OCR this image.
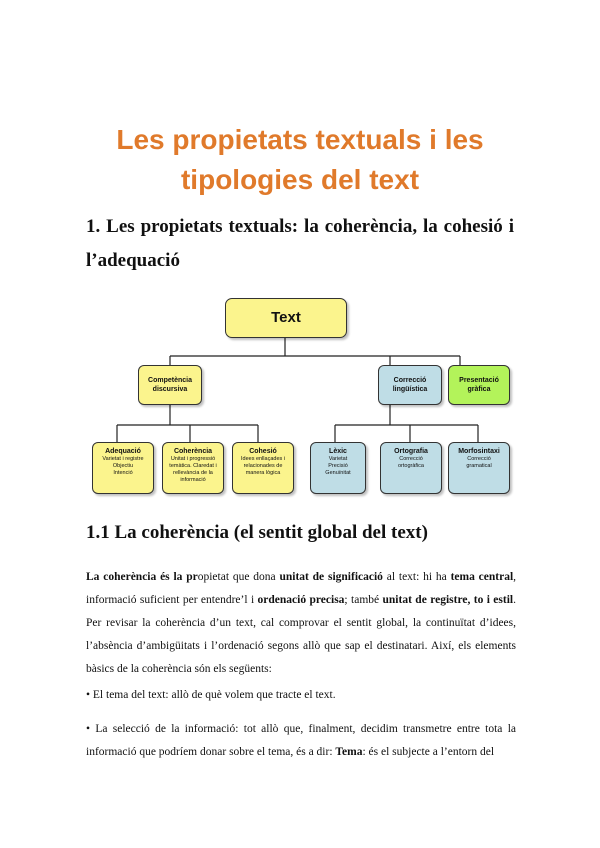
Les propietats textuals i les
tipologies del text
1. Les propietats textuals: la coherència, la cohesió i
l’adequació
Text
Competència discursiva
Correcció lingüística
Presentació gràfica
Adequació
Varietat i registre
Objectiu
Intenció
Coherència
Unitat i progressió
temàtica. Claredat i
rellevància de la
informació
Cohesió
Idees enllaçades i
relacionades de
manera lògica
Lèxic
Varietat
Precisió
Genuïnitat
Ortografia
Correcció
ortogràfica
Morfosintaxi
Correcció
gramatical
1.1 La coherència (el sentit global del text)
La coherència és la propietat que dona unitat de significació al text: hi ha tema central, informació suficient per entendre’l i ordenació precisa; també unitat de registre, to i estil. Per revisar la coherència d’un text, cal comprovar el sentit global, la continuïtat d’idees, l’absència d’ambigüitats i l’ordenació segons allò que sap el destinatari. Així, els elements bàsics de la coherència són els següents:
• El tema del text: allò de què volem que tracte el text.
• La selecció de la informació: tot allò que, finalment, decidim transmetre entre tota la informació que podríem donar sobre el tema, és a dir: Tema: és el subjecte a l’entorn del
